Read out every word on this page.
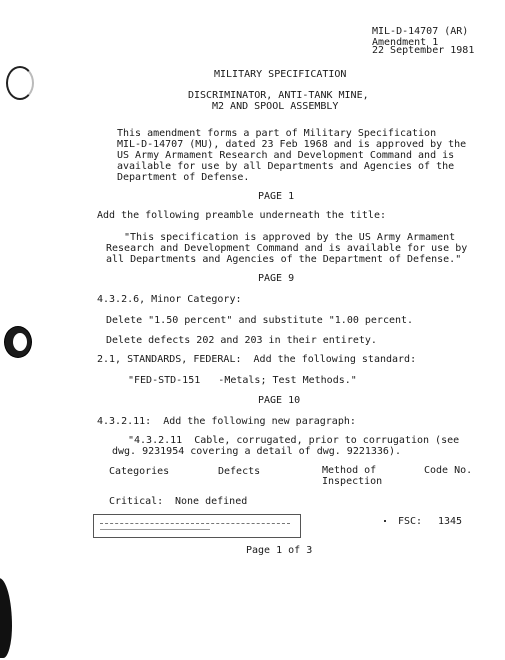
MIL-D-14707 (AR)
Amendment 1
22 September 1981
MILITARY SPECIFICATION
DISCRIMINATOR, ANTI-TANK MINE,
M2 AND SPOOL ASSEMBLY
This amendment forms a part of Military Specification
MIL-D-14707 (MU), dated 23 Feb 1968 and is approved by the
US Army Armament Research and Development Command and is
available for use by all Departments and Agencies of the
Department of Defense.
PAGE 1
Add the following preamble underneath the title:
"This specification is approved by the US Army Armament
Research and Development Command and is available for use by
all Departments and Agencies of the Department of Defense."
PAGE 9
4.3.2.6, Minor Category:
Delete "1.50 percent" and substitute "1.00 percent.
Delete defects 202 and 203 in their entirety.
2.1, STANDARDS, FEDERAL:  Add the following standard:
"FED-STD-151   -Metals; Test Methods."
PAGE 10
4.3.2.11:  Add the following new paragraph:
"4.3.2.11  Cable, corrugated, prior to corrugation (see
dwg. 9231954 covering a detail of dwg. 9221336).
Categories	Defects	Method of
Inspection
Code No.
Critical: None defined
FSC: 1345
Page 1 of 3
